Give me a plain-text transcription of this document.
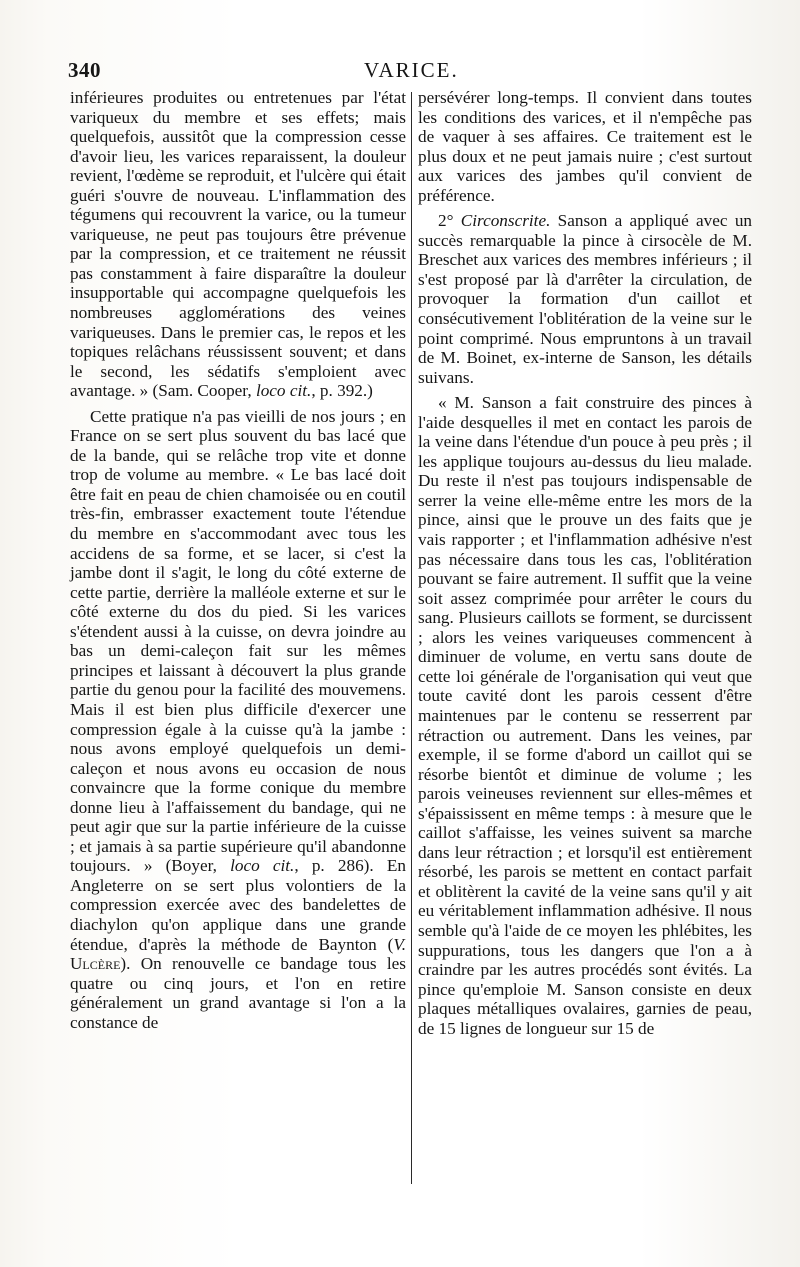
340	VARICE.

inférieures produites ou entretenues par l'état variqueux du membre et ses effets; mais quelquefois, aussitôt que la compression cesse d'avoir lieu, les varices reparaissent, la douleur revient, l'œdème se reproduit, et l'ulcère qui était guéri s'ouvre de nouveau. L'inflammation des tégumens qui recouvrent la varice, ou la tumeur variqueuse, ne peut pas toujours être prévenue par la compression, et ce traitement ne réussit pas constamment à faire disparaître la douleur insupportable qui accompagne quelquefois les nombreuses agglomérations des veines variqueuses. Dans le premier cas, le repos et les topiques relâchans réussissent souvent; et dans le second, les sédatifs s'emploient avec avantage. » (Sam. Cooper, loco cit., p. 392.)

Cette pratique n'a pas vieilli de nos jours ; en France on se sert plus souvent du bas lacé que de la bande, qui se relâche trop vite et donne trop de volume au membre. « Le bas lacé doit être fait en peau de chien chamoisée ou en coutil très-fin, embrasser exactement toute l'étendue du membre en s'accommodant avec tous les accidens de sa forme, et se lacer, si c'est la jambe dont il s'agit, le long du côté externe de cette partie, derrière la malléole externe et sur le côté externe du dos du pied. Si les varices s'étendent aussi à la cuisse, on devra joindre au bas un demi-caleçon fait sur les mêmes principes et laissant à découvert la plus grande partie du genou pour la facilité des mouvemens. Mais il est bien plus difficile d'exercer une compression égale à la cuisse qu'à la jambe : nous avons employé quelquefois un demi-caleçon et nous avons eu occasion de nous convaincre que la forme conique du membre donne lieu à l'affaissement du bandage, qui ne peut agir que sur la partie inférieure de la cuisse ; et jamais à sa partie supérieure qu'il abandonne toujours. » (Boyer, loco cit., p. 286). En Angleterre on se sert plus volontiers de la compression exercée avec des bandelettes de diachylon qu'on applique dans une grande étendue, d'après la méthode de Baynton (V. Ulcère). On renouvelle ce bandage tous les quatre ou cinq jours, et l'on en retire généralement un grand avantage si l'on a la constance de

persévérer long-temps. Il convient dans toutes les conditions des varices, et il n'empêche pas de vaquer à ses affaires. Ce traitement est le plus doux et ne peut jamais nuire ; c'est surtout aux varices des jambes qu'il convient de préférence.

2° Circonscrite. Sanson a appliqué avec un succès remarquable la pince à cirsocèle de M. Breschet aux varices des membres inférieurs ; il s'est proposé par là d'arrêter la circulation, de provoquer la formation d'un caillot et consécutivement l'oblitération de la veine sur le point comprimé. Nous empruntons à un travail de M. Boinet, ex-interne de Sanson, les détails suivans.

« M. Sanson a fait construire des pinces à l'aide desquelles il met en contact les parois de la veine dans l'étendue d'un pouce à peu près ; il les applique toujours au-dessus du lieu malade. Du reste il n'est pas toujours indispensable de serrer la veine elle-même entre les mors de la pince, ainsi que le prouve un des faits que je vais rapporter ; et l'inflammation adhésive n'est pas nécessaire dans tous les cas, l'oblitération pouvant se faire autrement. Il suffit que la veine soit assez comprimée pour arrêter le cours du sang. Plusieurs caillots se forment, se durcissent ; alors les veines variqueuses commencent à diminuer de volume, en vertu sans doute de cette loi générale de l'organisation qui veut que toute cavité dont les parois cessent d'être maintenues par le contenu se resserrent par rétraction ou autrement. Dans les veines, par exemple, il se forme d'abord un caillot qui se résorbe bientôt et diminue de volume ; les parois veineuses reviennent sur elles-mêmes et s'épaississent en même temps : à mesure que le caillot s'affaisse, les veines suivent sa marche dans leur rétraction ; et lorsqu'il est entièrement résorbé, les parois se mettent en contact parfait et oblitèrent la cavité de la veine sans qu'il y ait eu véritablement inflammation adhésive. Il nous semble qu'à l'aide de ce moyen les phlébites, les suppurations, tous les dangers que l'on a à craindre par les autres procédés sont évités. La pince qu'emploie M. Sanson consiste en deux plaques métalliques ovalaires, garnies de peau, de 15 lignes de longueur sur 15 de
